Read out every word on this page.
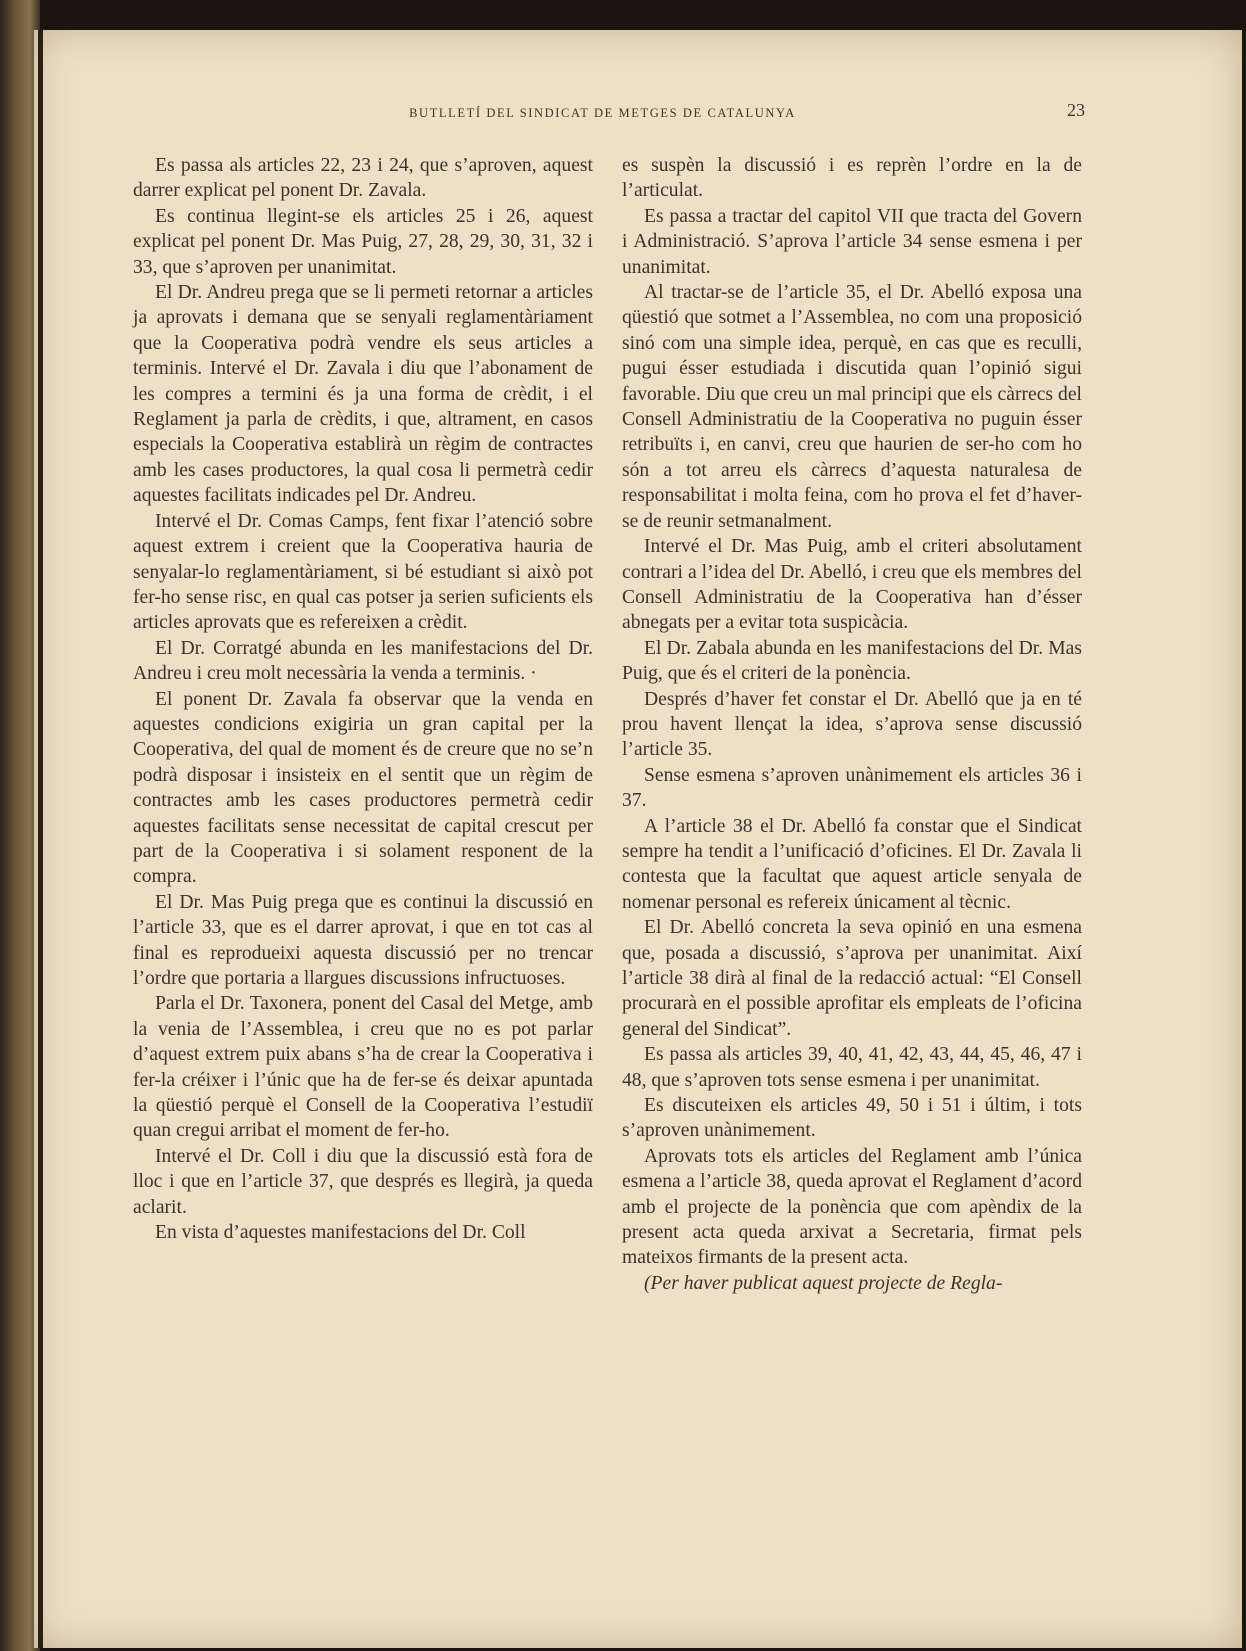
BUTLLETÍ DEL SINDICAT DE METGES DE CATALUNYA	23

Es passa als articles 22, 23 i 24, que s’aproven, aquest darrer explicat pel ponent Dr. Zavala.

Es continua llegint-se els articles 25 i 26, aquest explicat pel ponent Dr. Mas Puig, 27, 28, 29, 30, 31, 32 i 33, que s’aproven per unanimitat.

El Dr. Andreu prega que se li permeti retornar a articles ja aprovats i demana que se senyali reglamentàriament que la Cooperativa podrà vendre els seus articles a terminis. Intervé el Dr. Zavala i diu que l’abonament de les compres a termini és ja una forma de crèdit, i el Reglament ja parla de crèdits, i que, altrament, en casos especials la Cooperativa establirà un règim de contractes amb les cases productores, la qual cosa li permetrà cedir aquestes facilitats indicades pel Dr. Andreu.

Intervé el Dr. Comas Camps, fent fixar l’atenció sobre aquest extrem i creient que la Cooperativa hauria de senyalar-lo reglamentàriament, si bé estudiant si això pot fer-ho sense risc, en qual cas potser ja serien suficients els articles aprovats que es refereixen a crèdit.

El Dr. Corratgé abunda en les manifestacions del Dr. Andreu i creu molt necessària la venda a terminis. ·

El ponent Dr. Zavala fa observar que la venda en aquestes condicions exigiria un gran capital per la Cooperativa, del qual de moment és de creure que no se’n podrà disposar i insisteix en el sentit que un règim de contractes amb les cases productores permetrà cedir aquestes facilitats sense necessitat de capital crescut per part de la Cooperativa i si solament responent de la compra.

El Dr. Mas Puig prega que es continui la discussió en l’article 33, que es el darrer aprovat, i que en tot cas al final es reprodueixi aquesta discussió per no trencar l’ordre que portaria a llargues discussions infructuoses.

Parla el Dr. Taxonera, ponent del Casal del Metge, amb la venia de l’Assemblea, i creu que no es pot parlar d’aquest extrem puix abans s’ha de crear la Cooperativa i fer-la créixer i l’únic que ha de fer-se és deixar apuntada la qüestió perquè el Consell de la Cooperativa l’estudiï quan cregui arribat el moment de fer-ho.

Intervé el Dr. Coll i diu que la discussió està fora de lloc i que en l’article 37, que després es llegirà, ja queda aclarit.

En vista d’aquestes manifestacions del Dr. Coll

es suspèn la discussió i es reprèn l’ordre en la de l’articulat.

Es passa a tractar del capitol VII que tracta del Govern i Administració. S’aprova l’article 34 sense esmena i per unanimitat.

Al tractar-se de l’article 35, el Dr. Abelló exposa una qüestió que sotmet a l’Assemblea, no com una proposició sinó com una simple idea, perquè, en cas que es reculli, pugui ésser estudiada i discutida quan l’opinió sigui favorable. Diu que creu un mal principi que els càrrecs del Consell Administratiu de la Cooperativa no puguin ésser retribuïts i, en canvi, creu que haurien de ser-ho com ho són a tot arreu els càrrecs d’aquesta naturalesa de responsabilitat i molta feina, com ho prova el fet d’haver-se de reunir setmanalment.

Intervé el Dr. Mas Puig, amb el criteri absolutament contrari a l’idea del Dr. Abelló, i creu que els membres del Consell Administratiu de la Cooperativa han d’ésser abnegats per a evitar tota suspicàcia.

El Dr. Zabala abunda en les manifestacions del Dr. Mas Puig, que és el criteri de la ponència.

Després d’haver fet constar el Dr. Abelló que ja en té prou havent llençat la idea, s’aprova sense discussió l’article 35.

Sense esmena s’aproven unànimement els articles 36 i 37.

A l’article 38 el Dr. Abelló fa constar que el Sindicat sempre ha tendit a l’unificació d’oficines. El Dr. Zavala li contesta que la facultat que aquest article senyala de nomenar personal es refereix únicament al tècnic.

El Dr. Abelló concreta la seva opinió en una esmena que, posada a discussió, s’aprova per unanimitat. Així l’article 38 dirà al final de la redacció actual: “El Consell procurarà en el possible aprofitar els empleats de l’oficina general del Sindicat”.

Es passa als articles 39, 40, 41, 42, 43, 44, 45, 46, 47 i 48, que s’aproven tots sense esmena i per unanimitat.

Es discuteixen els articles 49, 50 i 51 i últim, i tots s’aproven unànimement.

Aprovats tots els articles del Reglament amb l’única esmena a l’article 38, queda aprovat el Reglament d’acord amb el projecte de la ponència que com apèndix de la present acta queda arxivat a Secretaria, firmat pels mateixos firmants de la present acta.

(Per haver publicat aquest projecte de Regla-
